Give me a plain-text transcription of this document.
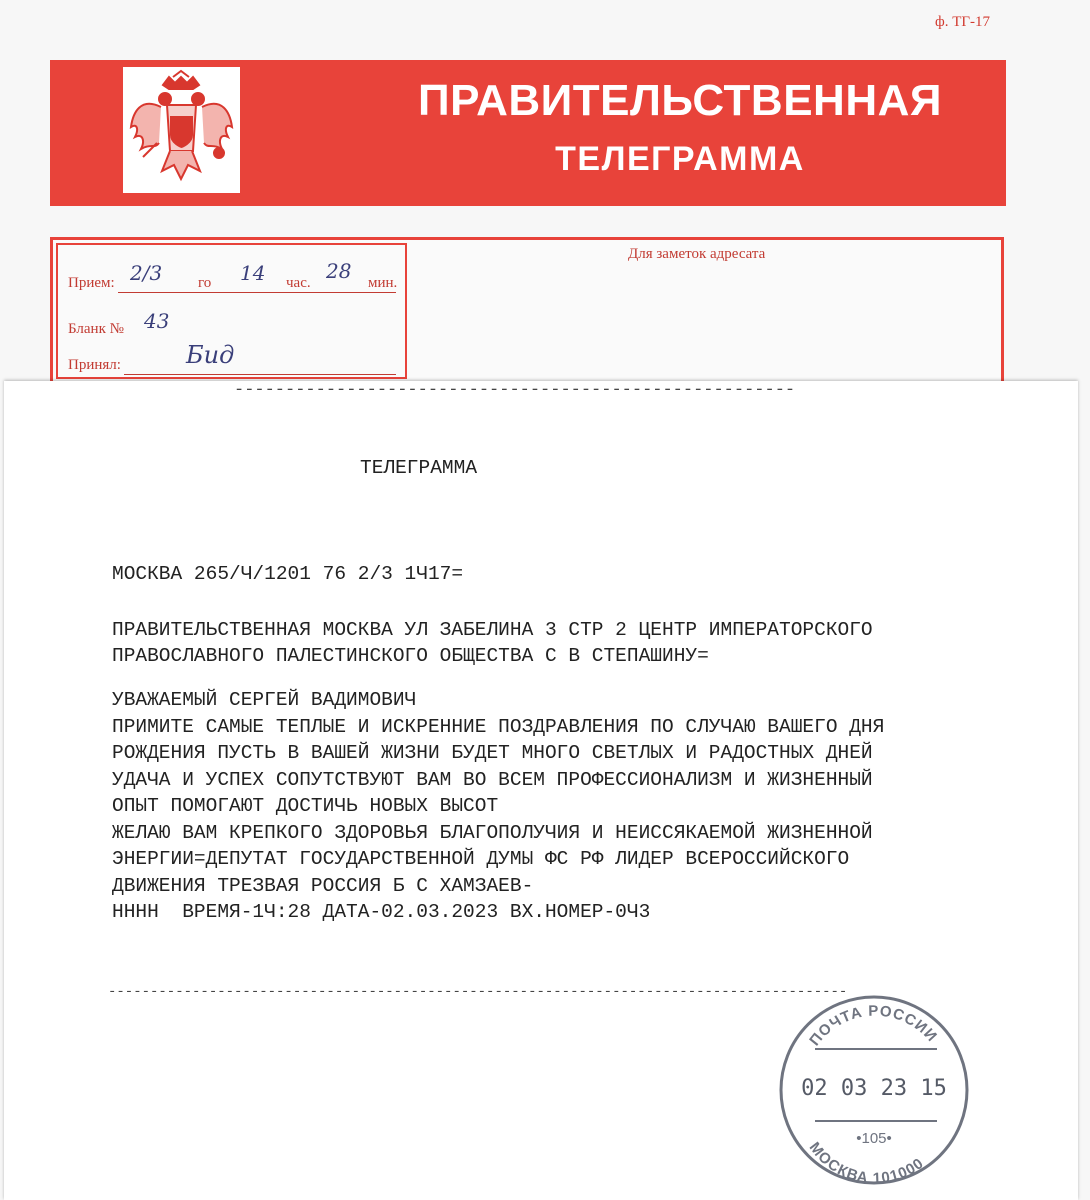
ф. ТГ-17
ПРАВИТЕЛЬСТВЕННАЯ
ТЕЛЕГРАММА
Прием: 2/3 го 14 час. 28 мин.
Бланк № 43
Принял:	Бид
Для заметок адресата
-------------------------------------------------------
ТЕЛЕГРАММА
МОСКВА 265/Ч/1201 76 2/3 1Ч17=
ПРАВИТЕЛЬСТВЕННАЯ МОСКВА УЛ ЗАБЕЛИНА 3 СТР 2 ЦЕНТР ИМПЕРАТОРСКОГО
ПРАВОСЛАВНОГО ПАЛЕСТИНСКОГО ОБЩЕСТВА С В СТЕПАШИНУ=
УВАЖАЕМЫЙ СЕРГЕЙ ВАДИМОВИЧ
ПРИМИТЕ САМЫЕ ТЕПЛЫЕ И ИСКРЕННИЕ ПОЗДРАВЛЕНИЯ ПО СЛУЧАЮ ВАШЕГО ДНЯ
РОЖДЕНИЯ ПУСТЬ В ВАШЕЙ ЖИЗНИ БУДЕТ МНОГО СВЕТЛЫХ И РАДОСТНЫХ ДНЕЙ
УДАЧА И УСПЕХ СОПУТСТВУЮТ ВАМ ВО ВСЕМ ПРОФЕССИОНАЛИЗМ И ЖИЗНЕННЫЙ
ОПЫТ ПОМОГАЮТ ДОСТИЧЬ НОВЫХ ВЫСОТ
ЖЕЛАЮ ВАМ КРЕПКОГО ЗДОРОВЬЯ БЛАГОПОЛУЧИЯ И НЕИССЯКАЕМОЙ ЖИЗНЕННОЙ
ЭНЕРГИИ=ДЕПУТАТ ГОСУДАРСТВЕННОЙ ДУМЫ ФС РФ ЛИДЕР ВСЕРОССИЙСКОГО
ДВИЖЕНИЯ ТРЕЗВАЯ РОССИЯ Б С ХАМЗАЕВ-
НННН  ВРЕМЯ-1Ч:28 ДАТА-02.03.2023 ВХ.НОМЕР-0Ч3
----------------------------------------------------------------------------------------
ПОЧТА РОССИИ
02 03 23 15
•105•
МОСКВА 101000
